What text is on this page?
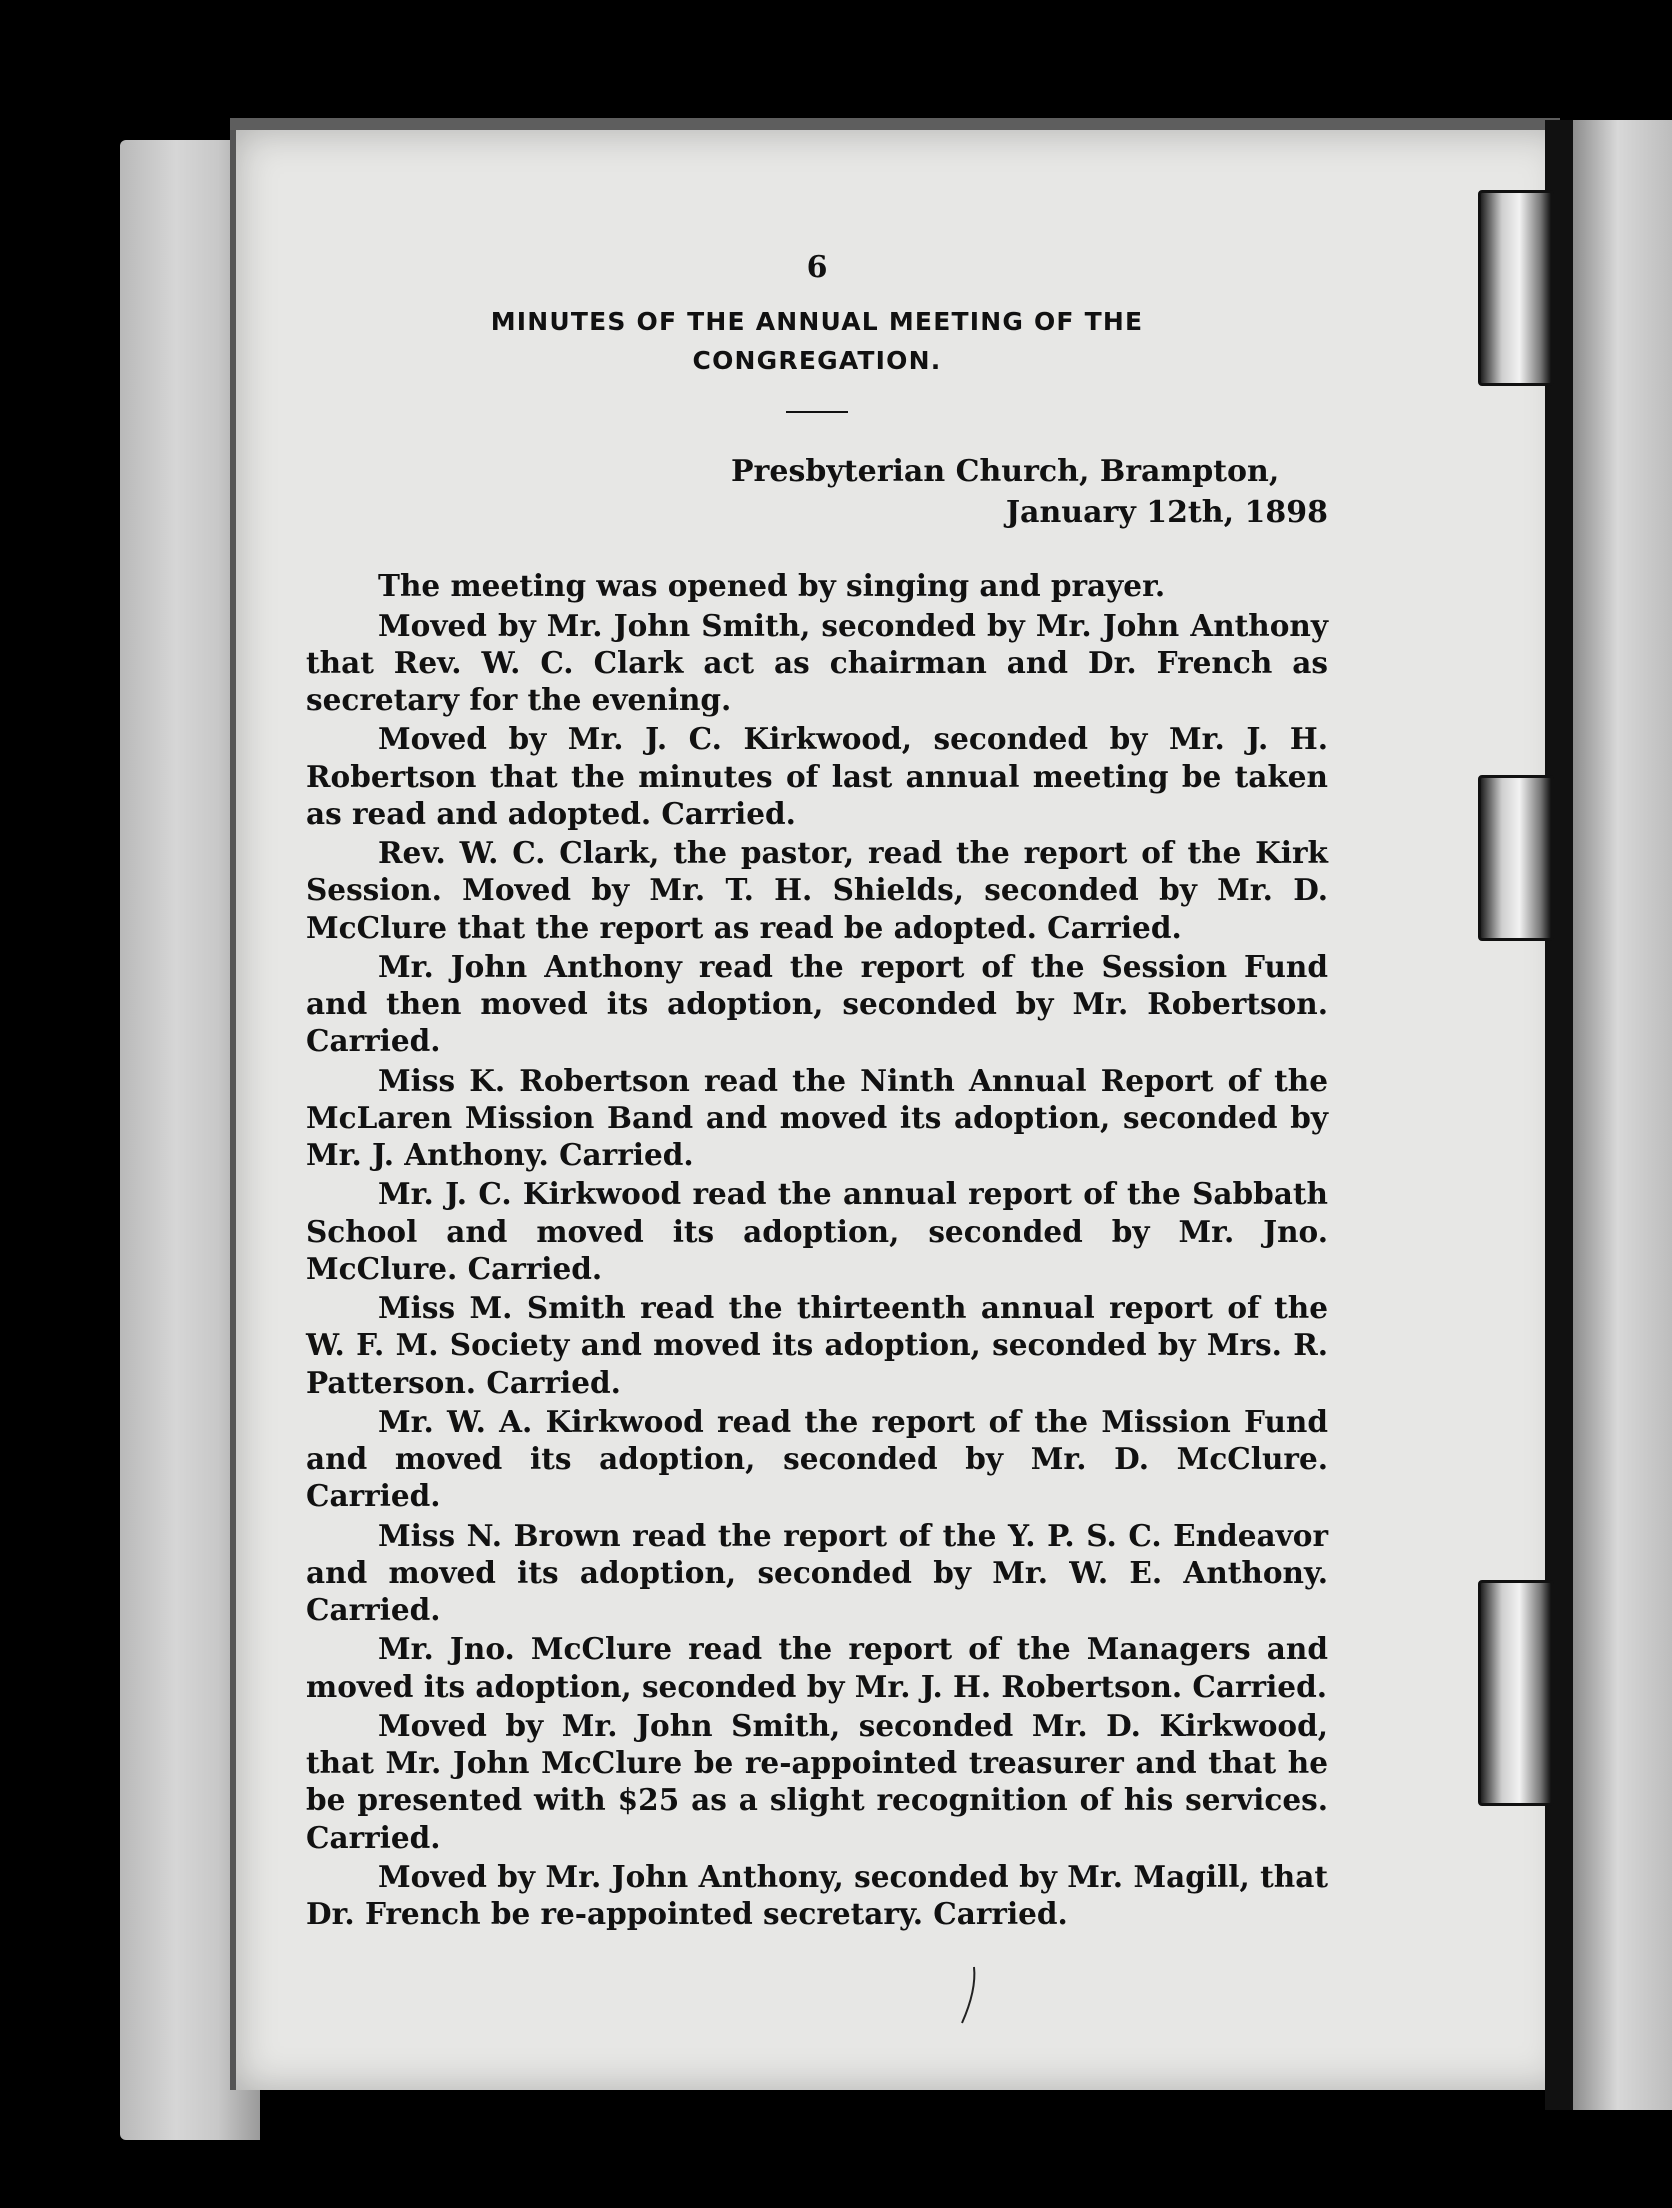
6
MINUTES OF THE ANNUAL MEETING OF THE
CONGREGATION.
Presbyterian Church, Brampton,
January 12th, 1898

The meeting was opened by singing and prayer.

Moved by Mr. John Smith, seconded by Mr. John Anthony that Rev. W. C. Clark act as chairman and Dr. French as secretary for the evening.

Moved by Mr. J. C. Kirkwood, seconded by Mr. J. H. Robertson that the minutes of last annual meeting be taken as read and adopted. Carried.

Rev. W. C. Clark, the pastor, read the report of the Kirk Session. Moved by Mr. T. H. Shields, seconded by Mr. D. McClure that the report as read be adopted. Carried.

Mr. John Anthony read the report of the Session Fund and then moved its adoption, seconded by Mr. Robertson. Carried.

Miss K. Robertson read the Ninth Annual Report of the McLaren Mission Band and moved its adoption, seconded by Mr. J. Anthony. Carried.

Mr. J. C. Kirkwood read the annual report of the Sabbath School and moved its adoption, seconded by Mr. Jno. McClure. Carried.

Miss M. Smith read the thirteenth annual report of the W. F. M. Society and moved its adoption, seconded by Mrs. R. Patterson. Carried.

Mr. W. A. Kirkwood read the report of the Mission Fund and moved its adoption, seconded by Mr. D. McClure. Carried.

Miss N. Brown read the report of the Y. P. S. C. Endeavor and moved its adoption, seconded by Mr. W. E. Anthony. Carried.

Mr. Jno. McClure read the report of the Managers and moved its adoption, seconded by Mr. J. H. Robertson. Carried.

Moved by Mr. John Smith, seconded Mr. D. Kirkwood, that Mr. John McClure be re-appointed treasurer and that he be presented with $25 as a slight recognition of his services. Carried.

Moved by Mr. John Anthony, seconded by Mr. Magill, that Dr. French be re-appointed secretary. Carried.
